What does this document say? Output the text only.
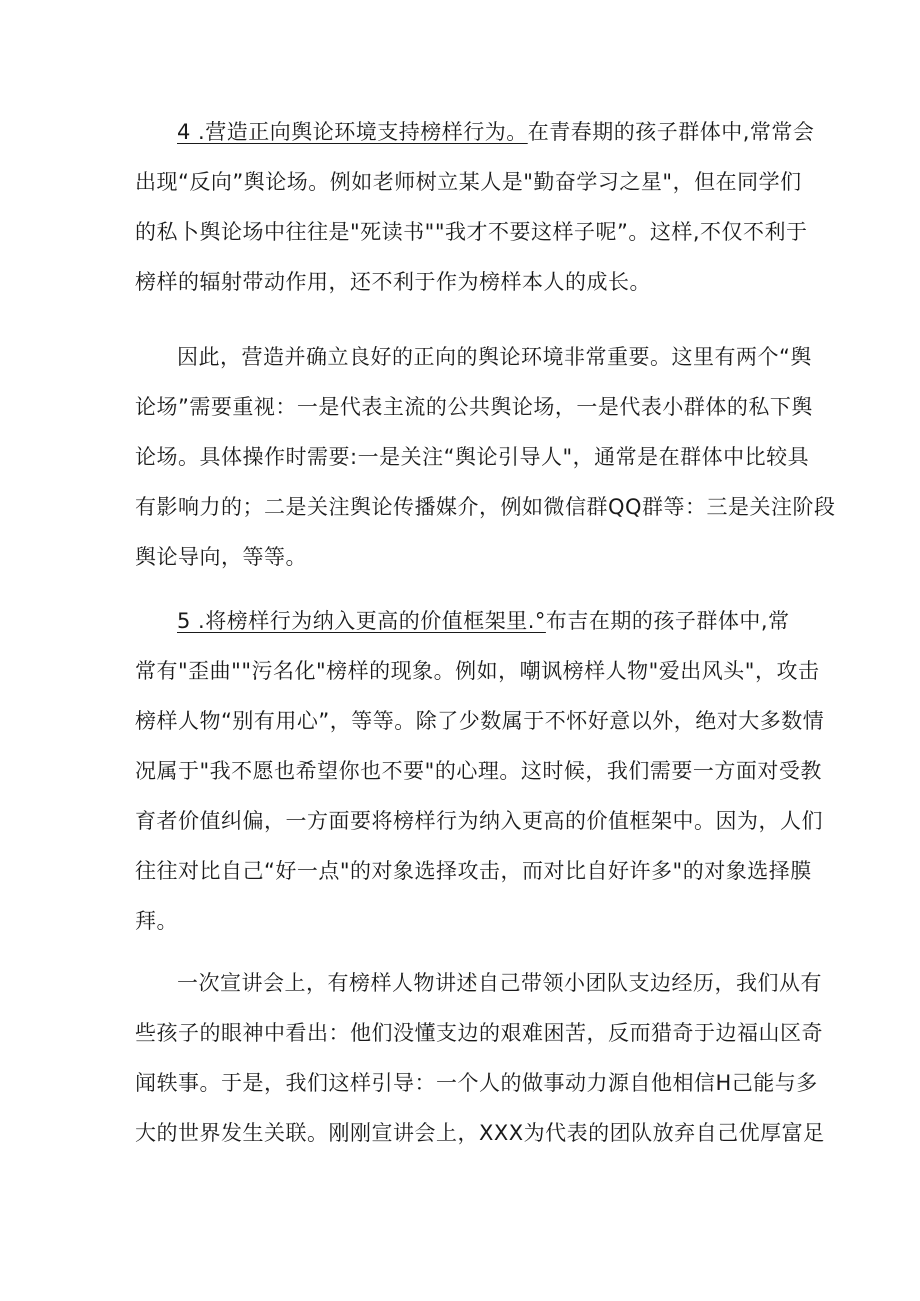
4 .营造正向舆论环境支持榜样行为。在青春期的孩子群体中,常常会
出现“反向”舆论场。例如老师树立某人是"勤奋学习之星"，但在同学们
的私卜舆论场中往往是"死读书""我才不要这样子呢”。这样,不仅不利于
榜样的辐射带动作用，还不利于作为榜样本人的成长。
因此，营造并确立良好的正向的舆论环境非常重要。这里有两个“舆
论场”需要重视：一是代表主流的公共舆论场，一是代表小群体的私下舆
论场。具体操作时需要:一是关注“舆论引导人"，通常是在群体中比较具
有影响力的；二是关注舆论传播媒介，例如微信群QQ群等：三是关注阶段
舆论导向，等等。
5 .将榜样行为纳入更高的价值框架里.°布吉在期的孩子群体中,常
常有"歪曲""污名化"榜样的现象。例如，嘲讽榜样人物"爱出风头"，攻击
榜样人物“别有用心”，等等。除了少数属于不怀好意以外，绝对大多数情
况属于"我不愿也希望你也不要"的心理。这时候，我们需要一方面对受教
育者价值纠偏，一方面要将榜样行为纳入更高的价值框架中。因为，人们
往往对比自己“好一点"的对象选择攻击，而对比自好许多"的对象选择膜
拜。
一次宣讲会上，有榜样人物讲述自己带领小团队支边经历，我们从有
些孩子的眼神中看出：他们没懂支边的艰难困苦，反而猎奇于边福山区奇
闻轶事。于是，我们这样引导：一个人的做事动力源自他相信H己能与多
大的世界发生关联。刚刚宣讲会上，XXX为代表的团队放弃自己优厚富足
